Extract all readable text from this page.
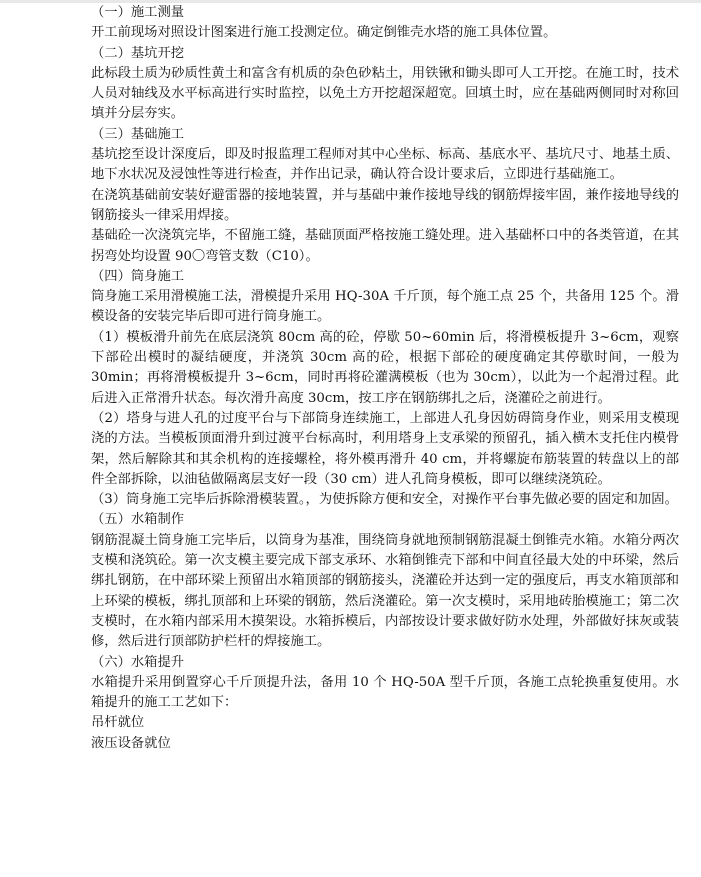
（一）施工测量

开工前现场对照设计图案进行施工投测定位。确定倒锥壳水塔的施工具体位置。

（二）基坑开挖

此标段土质为砂质性黄土和富含有机质的杂色砂粘土，用铁锹和锄头即可人工开挖。在施工时，技术人员对轴线及水平标高进行实时监控，以免土方开挖超深超宽。回填土时，应在基础两侧同时对称回填并分层夯实。

（三）基础施工

基坑挖至设计深度后，即及时报监理工程师对其中心坐标、标高、基底水平、基坑尺寸、地基土质、地下水状况及浸蚀性等进行检查，并作出记录，确认符合设计要求后，立即进行基础施工。

在浇筑基础前安装好避雷器的接地装置，并与基础中兼作接地导线的钢筋焊接牢固，兼作接地导线的钢筋接头一律采用焊接。

基础砼一次浇筑完毕，不留施工缝，基础顶面严格按施工缝处理。进入基础杯口中的各类管道，在其拐弯处均设置 90〇弯管支数（C10）。

（四）筒身施工

筒身施工采用滑模施工法，滑模提升采用 HQ-30A 千斤顶，每个施工点 25 个，共备用 125 个。滑模设备的安装完毕后即可进行筒身施工。

（1）模板滑升前先在底层浇筑 80cm 高的砼，停歇 50~60min 后，将滑模板提升 3~6cm，观察下部砼出模时的凝结硬度，并浇筑 30cm 高的砼，根据下部砼的硬度确定其停歇时间，一般为 30min；再将滑模板提升 3~6cm，同时再将砼灌满模板（也为 30cm），以此为一个起滑过程。此后进入正常滑升状态。每次滑升高度 30cm，按工序在钢筋绑扎之后，浇灌砼之前进行。

（2）塔身与进人孔的过度平台与下部筒身连续施工，上部进人孔身因妨碍筒身作业，则采用支模现浇的方法。当模板顶面滑升到过渡平台标高时，利用塔身上支承梁的预留孔，插入横木支托住内模骨架，然后解除其和其余机构的连接螺栓，将外模再滑升 40 cm，并将螺旋布筋装置的转盘以上的部件全部拆除，以油毡做隔离层支好一段（30 cm）进人孔筒身模板，即可以继续浇筑砼。

（3）筒身施工完毕后拆除滑模装置。，为使拆除方便和安全，对操作平台事先做必要的固定和加固。

（五）水箱制作

钢筋混凝土筒身施工完毕后，以筒身为基准，围绕筒身就地预制钢筋混凝土倒锥壳水箱。水箱分两次支模和浇筑砼。第一次支模主要完成下部支承环、水箱倒锥壳下部和中间直径最大处的中环梁，然后绑扎钢筋，在中部环梁上预留出水箱顶部的钢筋接头，浇灌砼并达到一定的强度后，再支水箱顶部和上环梁的模板，绑扎顶部和上环梁的钢筋，然后浇灌砼。第一次支模时，采用地砖胎模施工；第二次支模时，在水箱内部采用木摸架设。水箱拆模后，内部按设计要求做好防水处理，外部做好抹灰或装修，然后进行顶部防护栏杆的焊接施工。

（六）水箱提升

水箱提升采用倒置穿心千斤顶提升法，备用 10 个 HQ-50A 型千斤顶，各施工点轮换重复使用。水箱提升的施工工艺如下：

吊杆就位

液压设备就位
